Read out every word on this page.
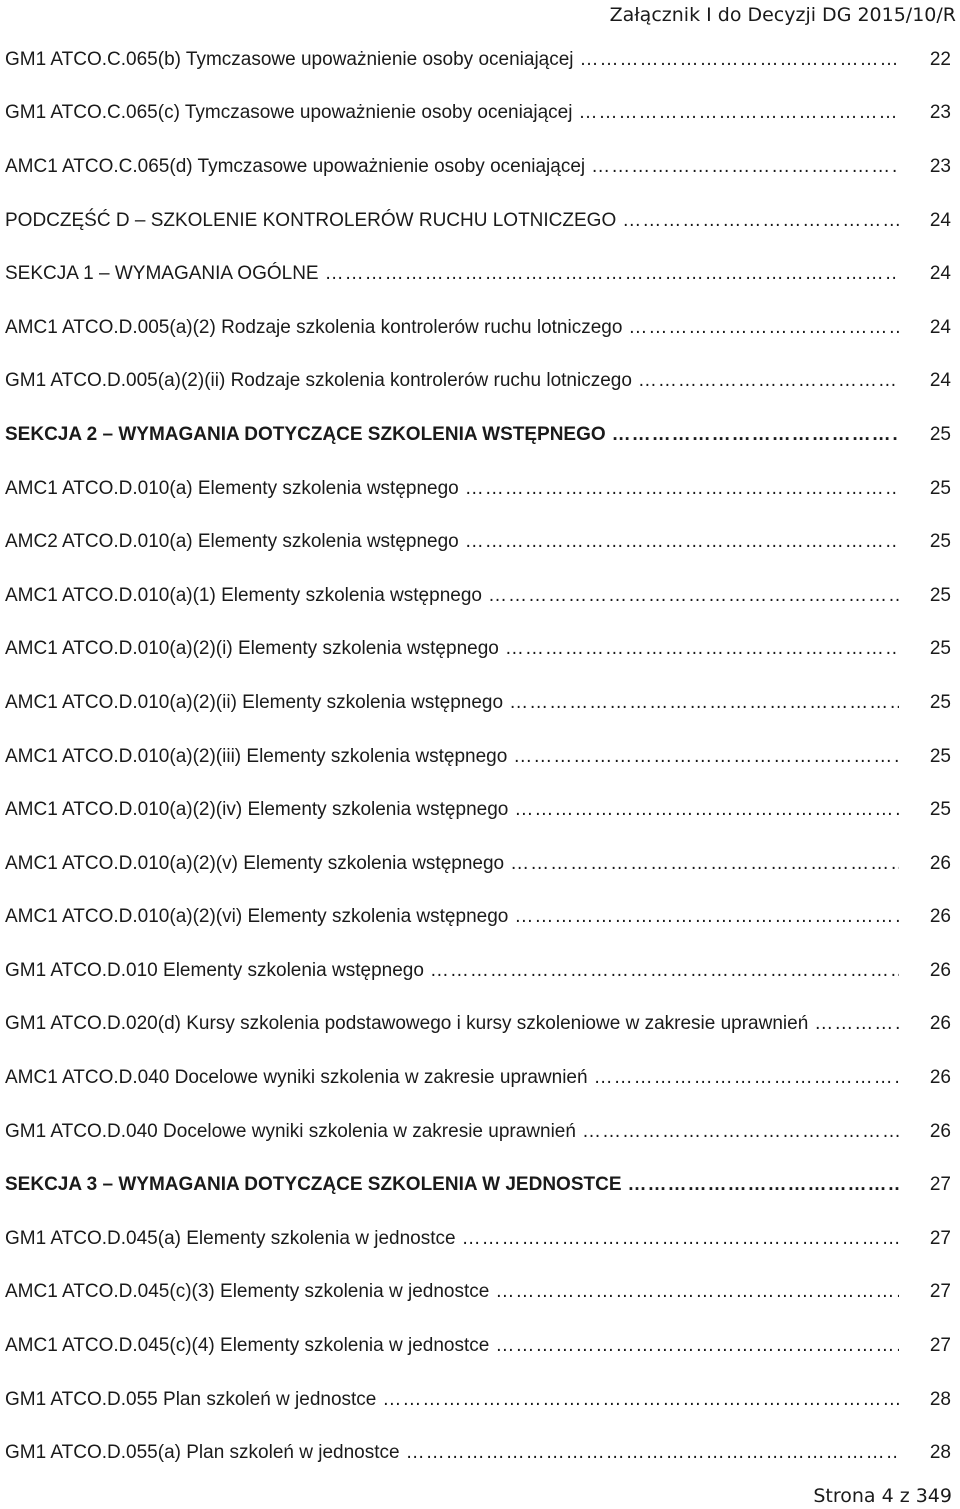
Załącznik I do Decyzji DG 2015/10/R
GM1 ATCO.C.065(b) Tymczasowe upoważnienie osoby oceniającej …………………………………………………………………………………………………………………………………………………………………………………	22
GM1 ATCO.C.065(c) Tymczasowe upoważnienie osoby oceniającej …………………………………………………………………………………………………………………………………………………………………………………	23
AMC1 ATCO.C.065(d) Tymczasowe upoważnienie osoby oceniającej …………………………………………………………………………………………………………………………………………………………………………………	23
PODCZĘŚĆ D – SZKOLENIE KONTROLERÓW RUCHU LOTNICZEGO …………………………………………………………………………………………………………………………………………………………………………………	24
SEKCJA 1 – WYMAGANIA OGÓLNE …………………………………………………………………………………………………………………………………………………………………………………	24
AMC1 ATCO.D.005(a)(2) Rodzaje szkolenia kontrolerów ruchu lotniczego …………………………………………………………………………………………………………………………………………………………………………………	24
GM1 ATCO.D.005(a)(2)(ii) Rodzaje szkolenia kontrolerów ruchu lotniczego …………………………………………………………………………………………………………………………………………………………………………………	24
SEKCJA 2 – WYMAGANIA DOTYCZĄCE SZKOLENIA WSTĘPNEGO …………………………………………………………………………………………………………………………………………………………………………………	25
AMC1 ATCO.D.010(a) Elementy szkolenia wstępnego …………………………………………………………………………………………………………………………………………………………………………………	25
AMC2 ATCO.D.010(a) Elementy szkolenia wstępnego …………………………………………………………………………………………………………………………………………………………………………………	25
AMC1 ATCO.D.010(a)(1) Elementy szkolenia wstępnego …………………………………………………………………………………………………………………………………………………………………………………	25
AMC1 ATCO.D.010(a)(2)(i) Elementy szkolenia wstępnego …………………………………………………………………………………………………………………………………………………………………………………	25
AMC1 ATCO.D.010(a)(2)(ii) Elementy szkolenia wstępnego …………………………………………………………………………………………………………………………………………………………………………………	25
AMC1 ATCO.D.010(a)(2)(iii) Elementy szkolenia wstępnego …………………………………………………………………………………………………………………………………………………………………………………	25
AMC1 ATCO.D.010(a)(2)(iv) Elementy szkolenia wstępnego …………………………………………………………………………………………………………………………………………………………………………………	25
AMC1 ATCO.D.010(a)(2)(v) Elementy szkolenia wstępnego …………………………………………………………………………………………………………………………………………………………………………………	26
AMC1 ATCO.D.010(a)(2)(vi) Elementy szkolenia wstępnego …………………………………………………………………………………………………………………………………………………………………………………	26
GM1 ATCO.D.010 Elementy szkolenia wstępnego …………………………………………………………………………………………………………………………………………………………………………………	26
GM1 ATCO.D.020(d) Kursy szkolenia podstawowego i kursy szkoleniowe w zakresie uprawnień …………………………………………………………………………………………………………………………………………………………………………………	26
AMC1 ATCO.D.040 Docelowe wyniki szkolenia w zakresie uprawnień …………………………………………………………………………………………………………………………………………………………………………………	26
GM1 ATCO.D.040 Docelowe wyniki szkolenia w zakresie uprawnień …………………………………………………………………………………………………………………………………………………………………………………	26
SEKCJA 3 – WYMAGANIA DOTYCZĄCE SZKOLENIA W JEDNOSTCE …………………………………………………………………………………………………………………………………………………………………………………	27
GM1 ATCO.D.045(a) Elementy szkolenia w jednostce …………………………………………………………………………………………………………………………………………………………………………………	27
AMC1 ATCO.D.045(c)(3) Elementy szkolenia w jednostce …………………………………………………………………………………………………………………………………………………………………………………	27
AMC1 ATCO.D.045(c)(4) Elementy szkolenia w jednostce …………………………………………………………………………………………………………………………………………………………………………………	27
GM1 ATCO.D.055 Plan szkoleń w jednostce …………………………………………………………………………………………………………………………………………………………………………………	28
GM1 ATCO.D.055(a) Plan szkoleń w jednostce …………………………………………………………………………………………………………………………………………………………………………………	28
Strona 4 z 349
